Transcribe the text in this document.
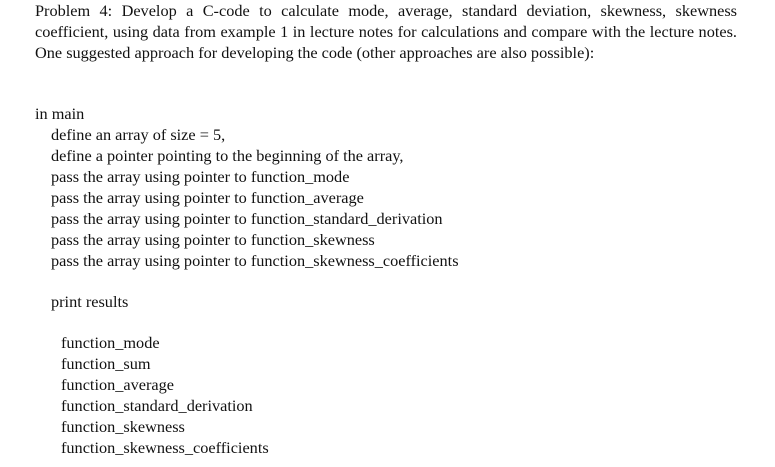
Problem 4: Develop a C-code to calculate mode, average, standard deviation, skewness, skewness coefficient, using data from example 1 in lecture notes for calculations and compare with the lecture notes. One suggested approach for developing the code (other approaches are also possible):

in main
define an array of size = 5,
define a pointer pointing to the beginning of the array,
pass the array using pointer to function_mode
pass the array using pointer to function_average
pass the array using pointer to function_standard_derivation
pass the array using pointer to function_skewness
pass the array using pointer to function_skewness_coefficients
print results
function_mode
function_sum
function_average
function_standard_derivation
function_skewness
function_skewness_coefficients
